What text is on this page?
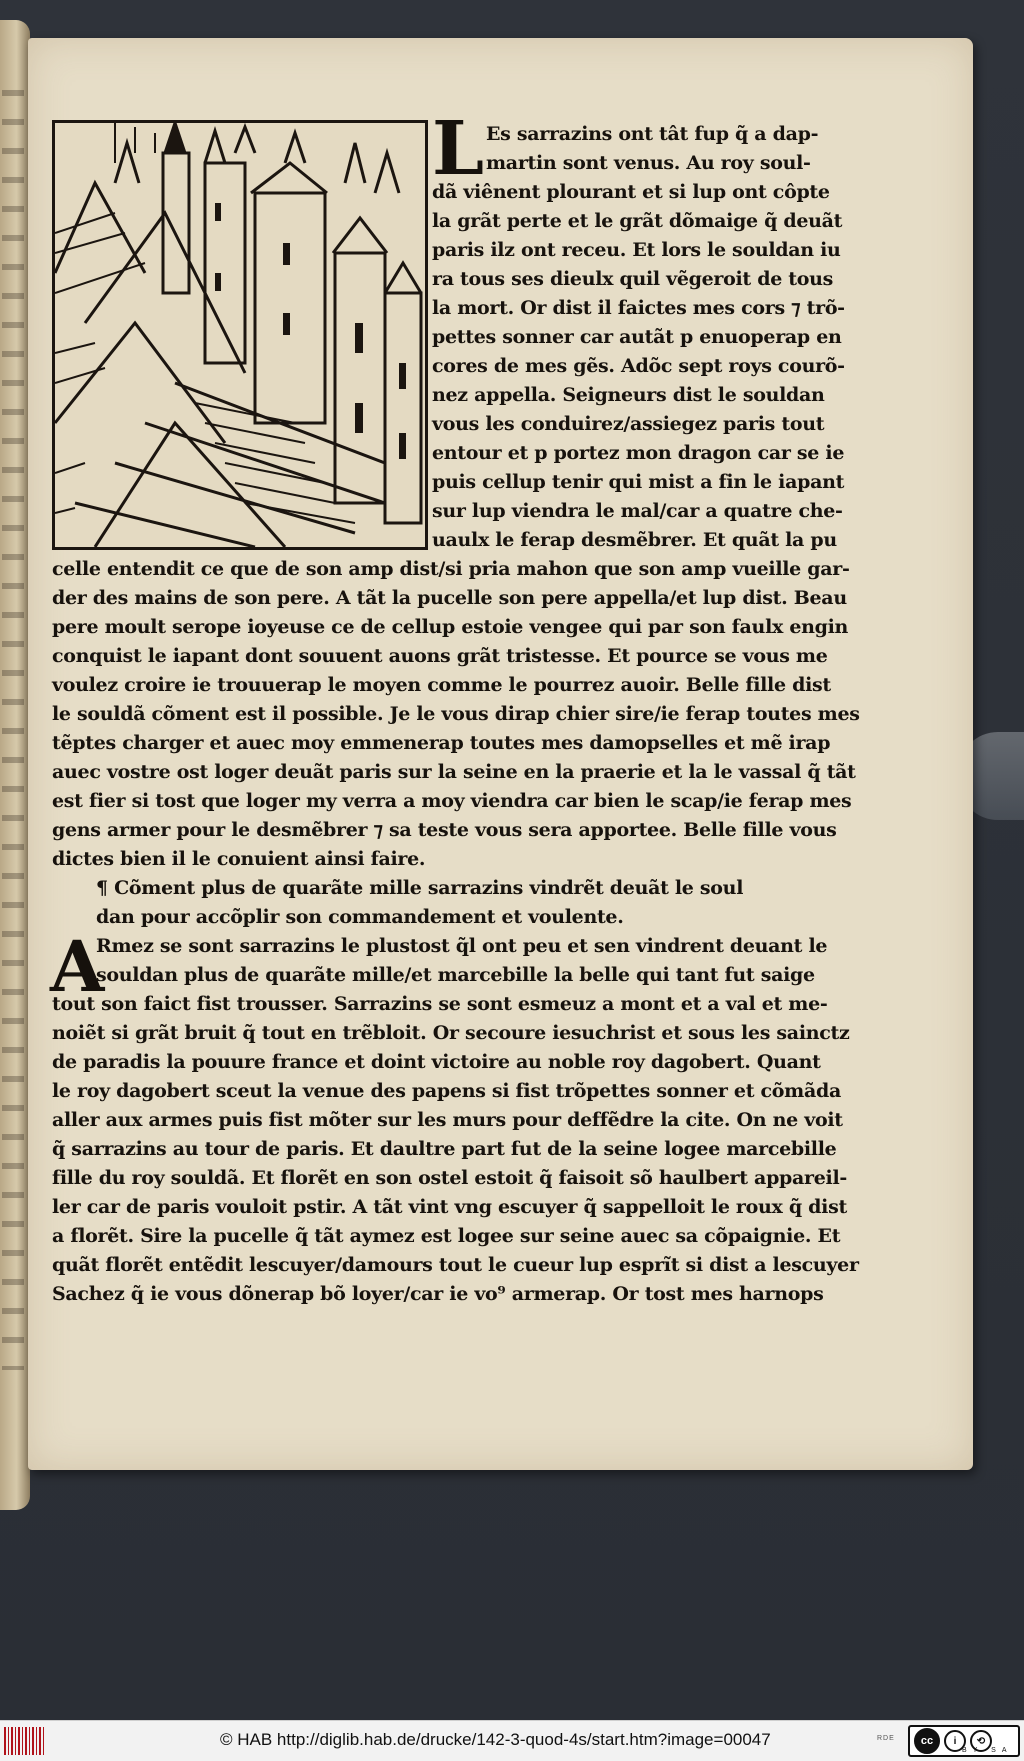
L Es sarrazins ont tât fup q̃ a dap-
martin sont venus. Au roy soul-
dã viênent plourant et si lup ont côpte
la grãt perte et le grãt dõmaige q̃ deuãt
paris ilz ont receu. Et lors le souldan iu
ra tous ses dieulx quil vẽgeroit de tous
la mort. Or dist il faictes mes cors ⁊ trõ-
pettes sonner car autãt p enuoperap en
cores de mes gẽs. Adõc sept roys courõ-
nez appella. Seigneurs dist le souldan
vous les conduirez/assiegez paris tout
entour et p portez mon dragon car se ie
puis cellup tenir qui mist a fin le iapant
sur lup viendra le mal/car a quatre che-
uaulx le ferap desmẽbrer. Et quãt la pu
celle entendit ce que de son amp dist/si pria mahon que son amp vueille gar-
der des mains de son pere. A tãt la pucelle son pere appella/et lup dist. Beau
pere moult serope ioyeuse ce de cellup estoie vengee qui par son faulx engin
conquist le iapant dont souuent auons grãt tristesse. Et pource se vous me
voulez croire ie trouuerap le moyen comme le pourrez auoir. Belle fille dist
le souldã cõment est il possible. Je le vous dirap chier sire/ie ferap toutes mes
tẽptes charger et auec moy emmenerap toutes mes damopselles et mẽ irap
auec vostre ost loger deuãt paris sur la seine en la praerie et la le vassal q̃ tãt
est fier si tost que loger my verra a moy viendra car bien le scap/ie ferap mes
gens armer pour le desmẽbrer ⁊ sa teste vous sera apportee. Belle fille vous
dictes bien il le conuient ainsi faire.
¶ Cõment plus de quarãte mille sarrazins vindrẽt deuãt le soul
dan pour accõplir son commandement et voulente.
A
Rmez se sont sarrazins le plustost q̃l ont peu et sen vindrent deuant le
souldan plus de quarãte mille/et marcebille la belle qui tant fut saige
tout son faict fist trousser. Sarrazins se sont esmeuz a mont et a val et me-
noiẽt si grãt bruit q̃ tout en trẽbloit. Or secoure iesuchrist et sous les sainctz
de paradis la pouure france et doint victoire au noble roy dagobert. Quant
le roy dagobert sceut la venue des papens si fist trõpettes sonner et cõmãda
aller aux armes puis fist mõter sur les murs pour deffẽdre la cite. On ne voit
q̃ sarrazins au tour de paris. Et daultre part fut de la seine logee marcebille
fille du roy souldã. Et florẽt en son ostel estoit q̃ faisoit sõ haulbert appareil-
ler car de paris vouloit pstir. A tãt vint vng escuyer q̃ sappelloit le roux q̃ dist
a florẽt. Sire la pucelle q̃ tãt aymez est logee sur seine auec sa cõpaignie. Et
quãt florẽt entẽdit lescuyer/damours tout le cueur lup esprĩt si dist a lescuyer
Sachez q̃ ie vous dõnerap bõ loyer/car ie vo⁹ armerap. Or tost mes harnops
© HAB http://diglib.hab.de/drucke/142-3-quod-4s/start.htm?image=00047	RDE	cc	i	⟲
BY SA
